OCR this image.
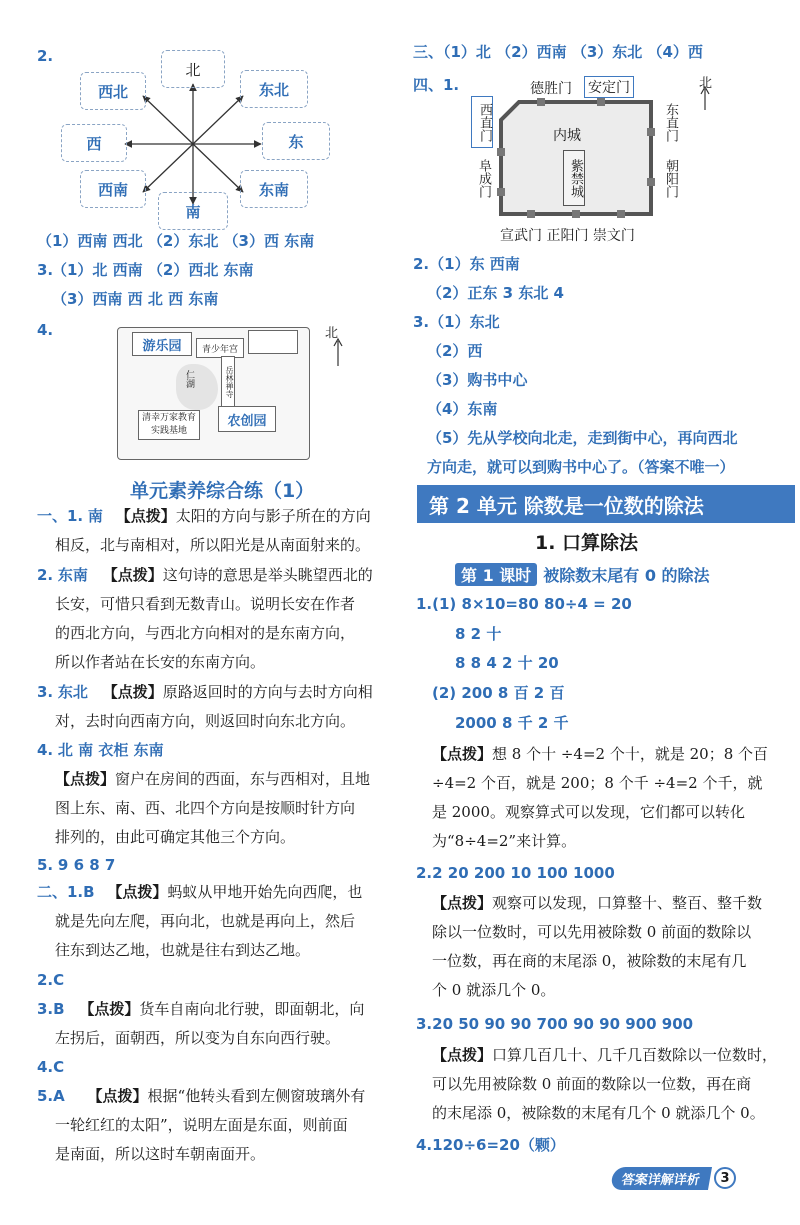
2.
北
西北	东北
西	东
西南	东南
南
（1）西南 西北 （2）东北 （3）西 东南
3.
（1）北 西南 （2）西北 东南
（3）西南 西 北 西 东南
4.
游乐园	青少年宫
岳林禅寺
仁湖
清幸万家教育实践基地
农创园
北
单元素养综合练（1）
一、1. 南 【点拨】太阳的方向与影子所在的方向
相反，北与南相对，所以阳光是从南面射来的。
2. 东南 【点拨】这句诗的意思是举头眺望西北的
长安，可惜只看到无数青山。说明长安在作者
的西北方向，与西北方向相对的是东南方向，
所以作者站在长安的东南方向。
3. 东北 【点拨】原路返回时的方向与去时方向相
对，去时向西南方向，则返回时向东北方向。
4. 北 南 衣柜 东南
【点拨】窗户在房间的西面，东与西相对，且地
图上东、南、西、北四个方向是按顺时针方向
排列的，由此可确定其他三个方向。
5. 9 6 8 7
二、1.B 【点拨】蚂蚁从甲地开始先向西爬，也
就是先向左爬，再向北，也就是再向上，然后
往东到达乙地，也就是往右到达乙地。
2.C
3.B 【点拨】货车自南向北行驶，即面朝北，向
左拐后，面朝西，所以变为自东向西行驶。
4.C
5.A 【点拨】根据“他转头看到左侧窗玻璃外有
一轮红红的太阳”，说明左面是东面，则前面
是南面，所以这时车朝南面开。
三、（1）北 （2）西南 （3）东北 （4）西
四、1.	德胜门 安定门
西直门
阜成门
东直门
朝阳门
内城
紫禁城
宣武门 正阳门 崇文门
北
2.（1）东 西南
（2）正东 3 东北 4
3.（1）东北
（2）西
（3）购书中心
（4）东南
（5）先从学校向北走，走到街中心，再向西北
方向走，就可以到购书中心了。（答案不唯一）
第 2 单元 除数是一位数的除法
1. 口算除法
第 1 课时 被除数末尾有 0 的除法
1.(1) 8×10=80 80÷4 = 20
8 2 十
8 8 4 2 十 20
(2) 200 8 百 2 百
2000 8 千 2 千
【点拨】想 8 个十 ÷4=2 个十，就是 20；8 个百
÷4=2 个百，就是 200；8 个千 ÷4=2 个千，就
是 2000。观察算式可以发现，它们都可以转化
为“8÷4=2”来计算。
2.2 20 200 10 100 1000
【点拨】观察可以发现，口算整十、整百、整千数
除以一位数时，可以先用被除数 0 前面的数除以
一位数，再在商的末尾添 0，被除数的末尾有几
个 0 就添几个 0。
3.20 50 90 90 700 90 90 900 900
【点拨】口算几百几十、几千几百数除以一位数时，
可以先用被除数 0 前面的数除以一位数，再在商
的末尾添 0，被除数的末尾有几个 0 就添几个 0。
4.120÷6=20（颗）
答案详解详析	3
